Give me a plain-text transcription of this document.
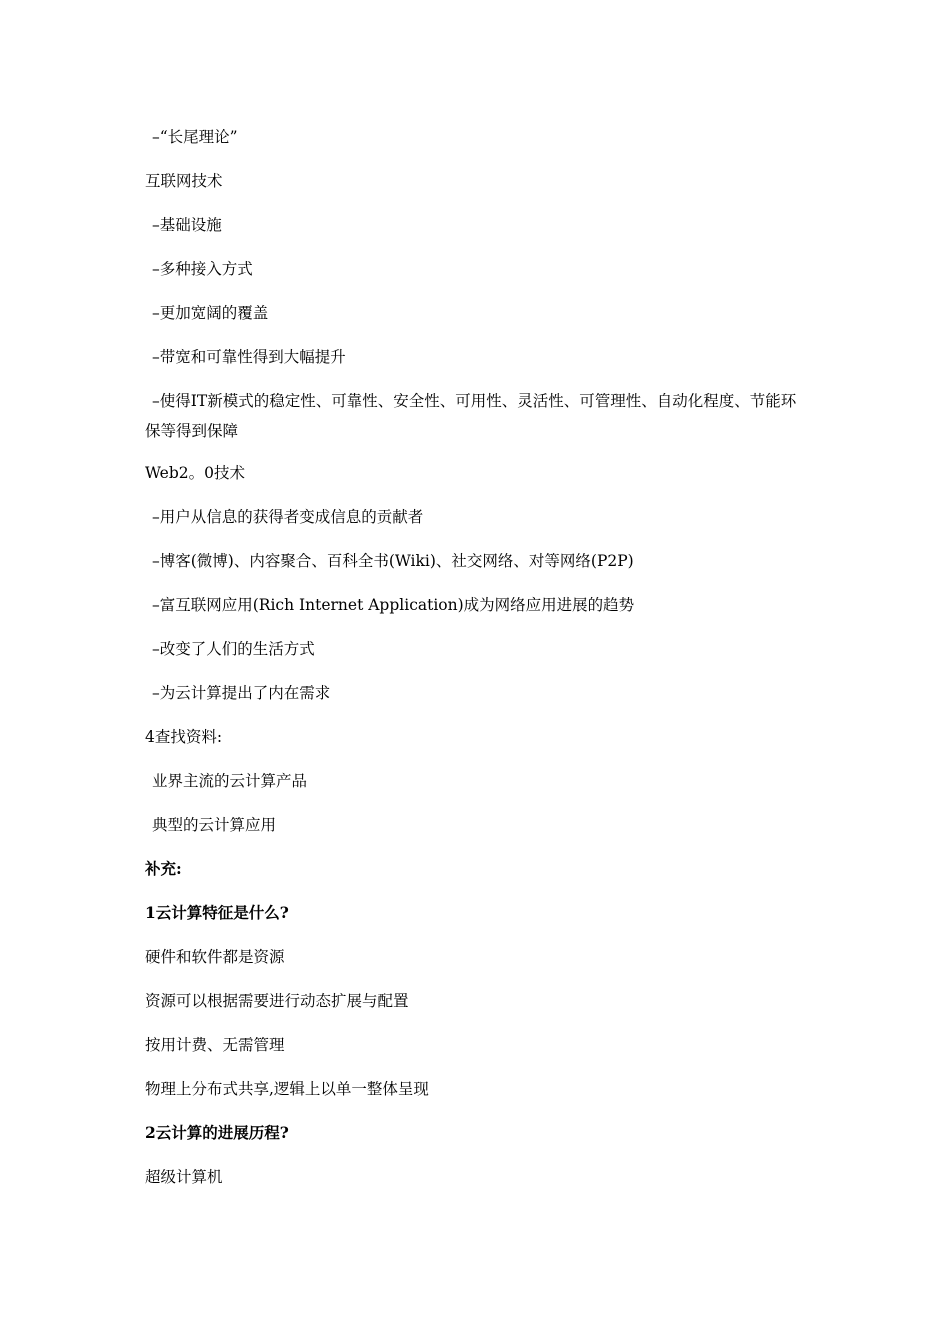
–“长尾理论”
互联网技术
–基础设施
–多种接入方式
–更加宽阔的覆盖
–带宽和可靠性得到大幅提升
–使得IT新模式的稳定性、可靠性、安全性、可用性、灵活性、可管理性、自动化程度、节能环保等得到保障
Web2。0技术
–用户从信息的获得者变成信息的贡献者
–博客(微博)、内容聚合、百科全书(Wiki)、社交网络、对等网络(P2P)
–富互联网应用(Rich Internet Application)成为网络应用进展的趋势
–改变了人们的生活方式
–为云计算提出了内在需求
4查找资料:
业界主流的云计算产品
典型的云计算应用
补充:
1云计算特征是什么?
硬件和软件都是资源
资源可以根据需要进行动态扩展与配置
按用计费、无需管理
物理上分布式共享,逻辑上以单一整体呈现
2云计算的进展历程?
超级计算机
